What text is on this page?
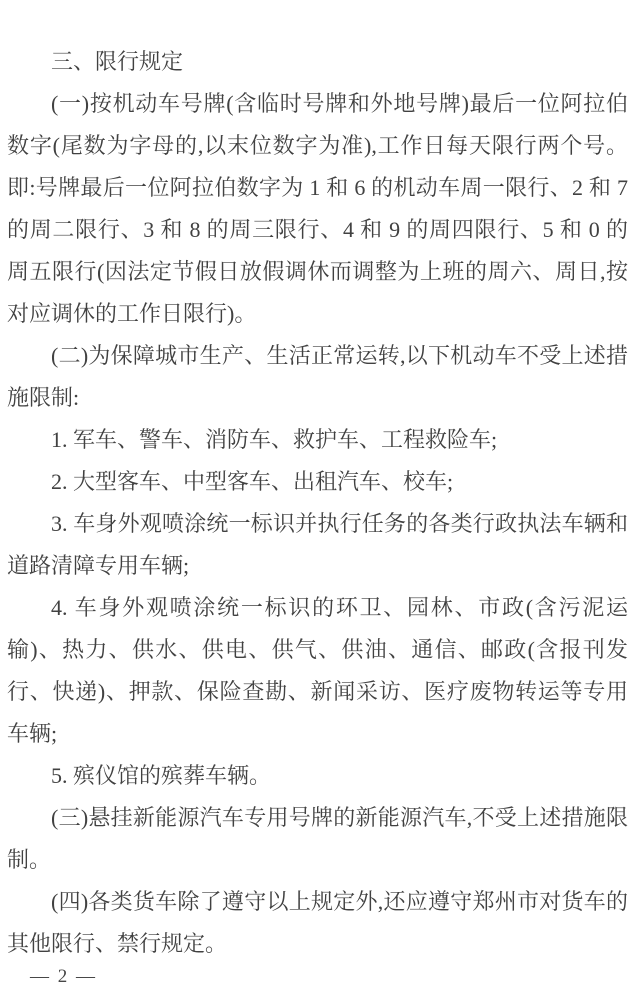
三、限行规定

(一)按机动车号牌(含临时号牌和外地号牌)最后一位阿拉伯数字(尾数为字母的,以末位数字为准),工作日每天限行两个号。即:号牌最后一位阿拉伯数字为 1 和 6 的机动车周一限行、2 和 7 的周二限行、3 和 8 的周三限行、4 和 9 的周四限行、5 和 0 的周五限行(因法定节假日放假调休而调整为上班的周六、周日,按对应调休的工作日限行)。

(二)为保障城市生产、生活正常运转,以下机动车不受上述措施限制:

1. 军车、警车、消防车、救护车、工程救险车;

2. 大型客车、中型客车、出租汽车、校车;

3. 车身外观喷涂统一标识并执行任务的各类行政执法车辆和道路清障专用车辆;

4. 车身外观喷涂统一标识的环卫、园林、市政(含污泥运输)、热力、供水、供电、供气、供油、通信、邮政(含报刊发行、快递)、押款、保险查勘、新闻采访、医疗废物转运等专用车辆;

5. 殡仪馆的殡葬车辆。

(三)悬挂新能源汽车专用号牌的新能源汽车,不受上述措施限制。

(四)各类货车除了遵守以上规定外,还应遵守郑州市对货车的其他限行、禁行规定。

— 2 —
